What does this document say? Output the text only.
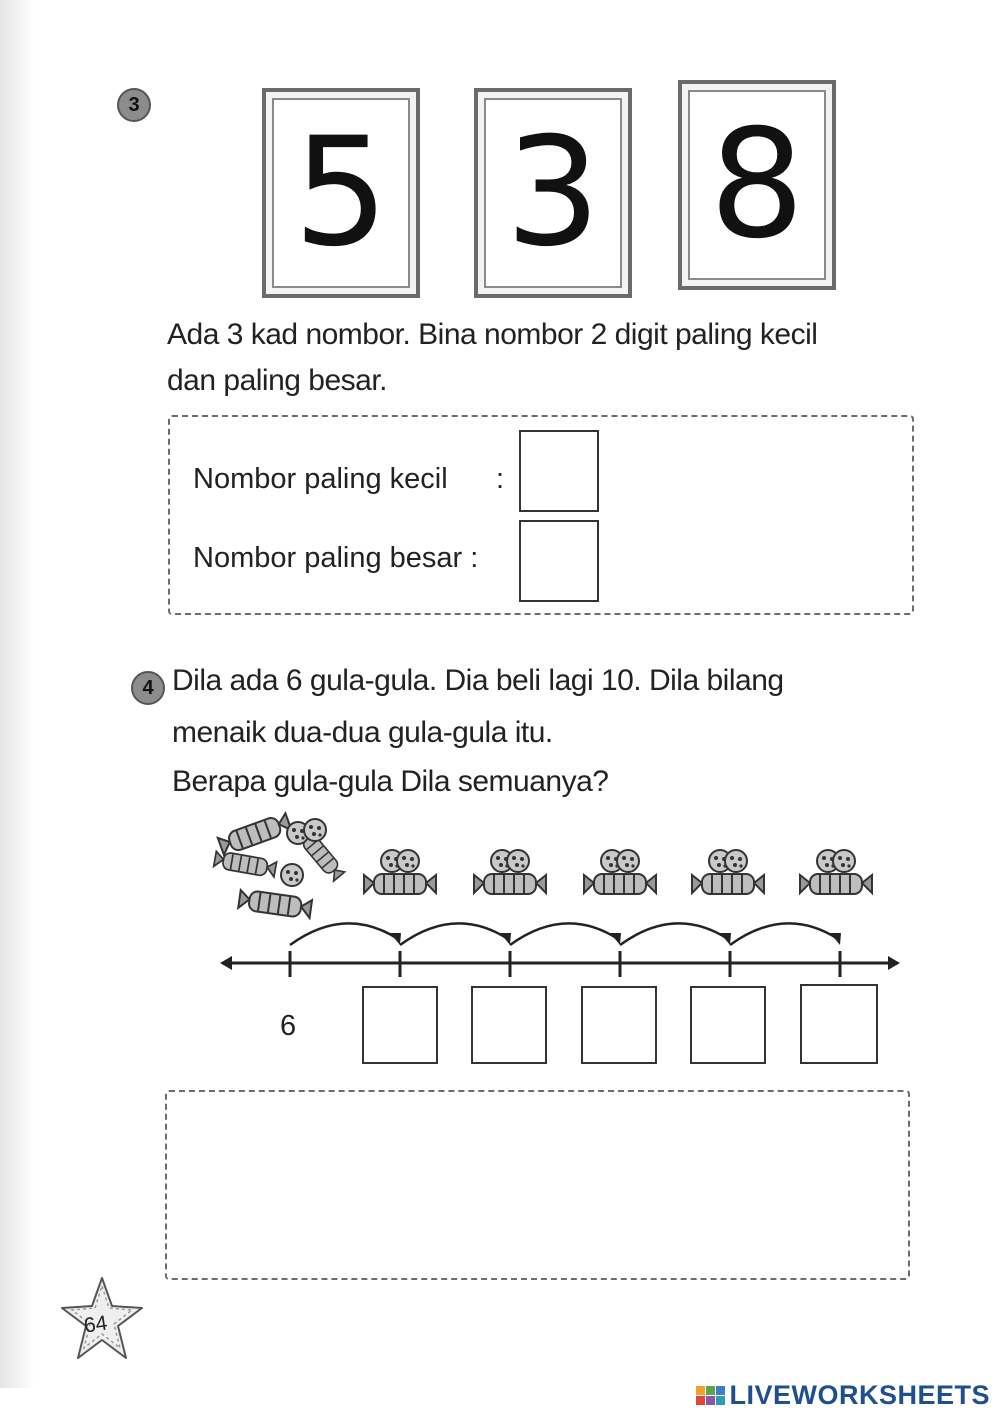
3
5 3 8
Ada 3 kad nombor. Bina nombor 2 digit paling kecil
dan paling besar.
Nombor paling kecil :
Nombor paling besar :
4 Dila ada 6 gula-gula. Dia beli lagi 10. Dila bilang
menaik dua-dua gula-gula itu.
Berapa gula-gula Dila semuanya?
6
64
LIVEWORKSHEETS
